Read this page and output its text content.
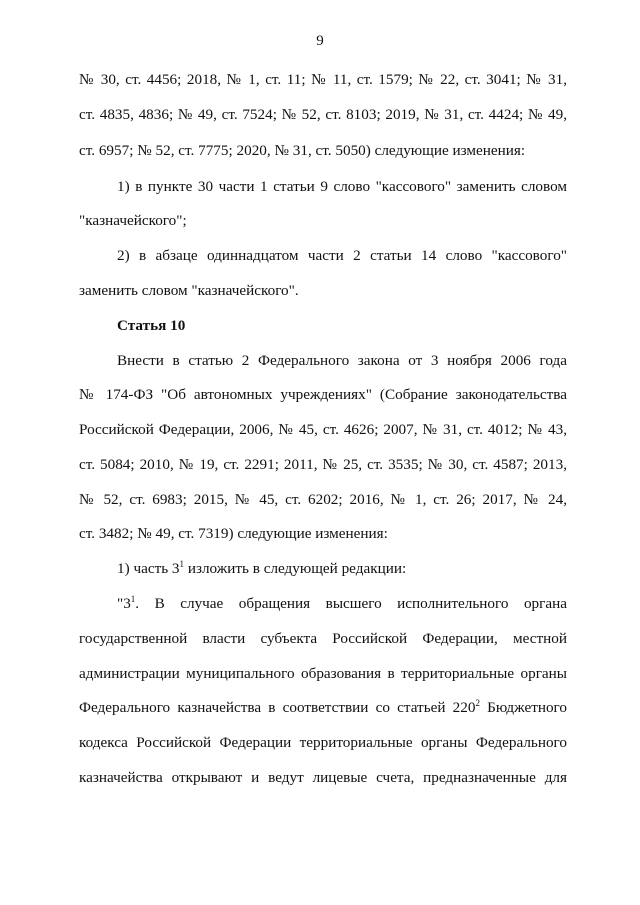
9
№ 30, ст. 4456; 2018, № 1, ст. 11; № 11, ст. 1579; № 22, ст. 3041; № 31,
ст. 4835, 4836; № 49, ст. 7524; № 52, ст. 8103; 2019, № 31, ст. 4424; № 49,
ст. 6957; № 52, ст. 7775; 2020, № 31, ст. 5050) следующие изменения:
1) в пункте 30 части 1 статьи 9 слово "кассового" заменить словом
"казначейского";
2) в абзаце одиннадцатом части 2 статьи 14 слово "кассового"
заменить словом "казначейского".
Статья 10
Внести в статью 2 Федерального закона от 3 ноября 2006 года
№ 174-ФЗ "Об автономных учреждениях" (Собрание законодательства
Российской Федерации, 2006, № 45, ст. 4626; 2007, № 31, ст. 4012; № 43,
ст. 5084; 2010, № 19, ст. 2291; 2011, № 25, ст. 3535; № 30, ст. 4587; 2013,
№ 52, ст. 6983; 2015, № 45, ст. 6202; 2016, № 1, ст. 26; 2017, № 24,
ст. 3482; № 49, ст. 7319) следующие изменения:
1) часть $3^1$ изложить в следующей редакции:
"$3^1$. В случае обращения высшего исполнительного органа
государственной власти субъекта Российской Федерации, местной
администрации муниципального образования в территориальные органы
Федерального казначейства в соответствии со статьей $220^2$ Бюджетного
кодекса Российской Федерации территориальные органы Федерального
казначейства открывают и ведут лицевые счета, предназначенные для
